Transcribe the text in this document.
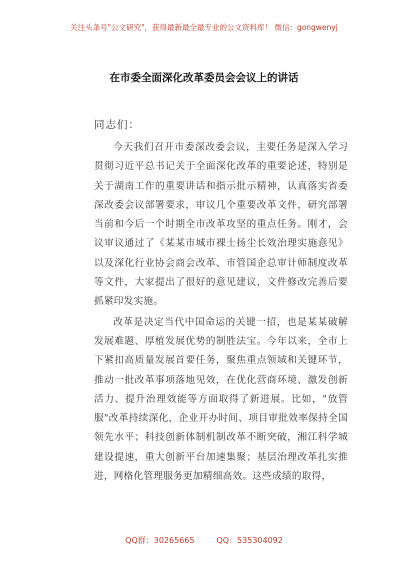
关注头条号"公文研究"，获得最新最全最专业的公文资料库！ 微信：gongwenyj
在市委全面深化改革委员会会议上的讲话
同志们：

今天我们召开市委深改委会议，主要任务是深入学习贯彻习近平总书记关于全面深化改革的重要论述，特别是关于湖南工作的重要讲话和指示批示精神，认真落实省委深改委会议部署要求，审议几个重要改革文件，研究部署当前和今后一个时期全市改革攻坚的重点任务。刚才，会议审议通过了《某某市城市裸土扬尘长效治理实施意见》以及深化行业协会商会改革、市管国企总审计师制度改革等文件，大家提出了很好的意见建议，文件修改完善后要抓紧印发实施。

改革是决定当代中国命运的关键一招，也是某某破解发展难题、厚植发展优势的制胜法宝。今年以来，全市上下紧扣高质量发展首要任务，聚焦重点领域和关键环节，推动一批改革事项落地见效，在优化营商环境、激发创新活力、提升治理效能等方面取得了新进展。比如，"放管服"改革持续深化，企业开办时间、项目审批效率保持全国领先水平；科技创新体制机制改革不断突破，湘江科学城建设提速，重大创新平台加速集聚；基层治理改革扎实推进，网格化管理服务更加精细高效。这些成绩的取得，

QQ群：30265665	QQ：535304092
